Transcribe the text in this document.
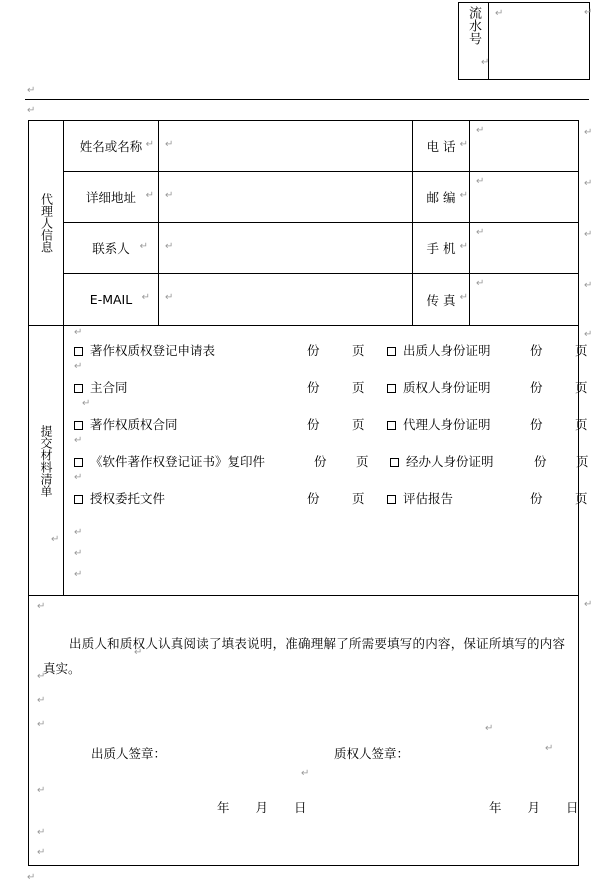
流水号
↵
↵
↵
↵
↵
代理人信息
姓名或名称 ↵ ↵	电 话
↵
↵
详细地址 ↵ ↵	邮 编
↵
↵
联系人 ↵ ↵	手 机
↵
↵
E-MAIL ↵ ↵	传 真
↵
↵
提交材料清单
↵
↵
著作权质权登记申请表	份	页	出质人身份证明	份	页
↵
主合同	份	页	质权人身份证明	份	页
↵
著作权质权合同	份	页	代理人身份证明	份	页
↵
《软件著作权登记证书》复印件	份 页	经办人身份证明	份 页
↵
授权委托文件	份	页	评估报告	份	页
↵
↵
↵
↵

出质人和质权人认真阅读了填表说明，准确理解了所需要填写的内容，保证所填写的内容真实。

↵
↵
↵
↵
↵
出质人签章：	质权人签章：
↵
↵
↵
年 月 日	年 月 日
↵
↵
↵
↵
↵
↵
↵
↵
↵
